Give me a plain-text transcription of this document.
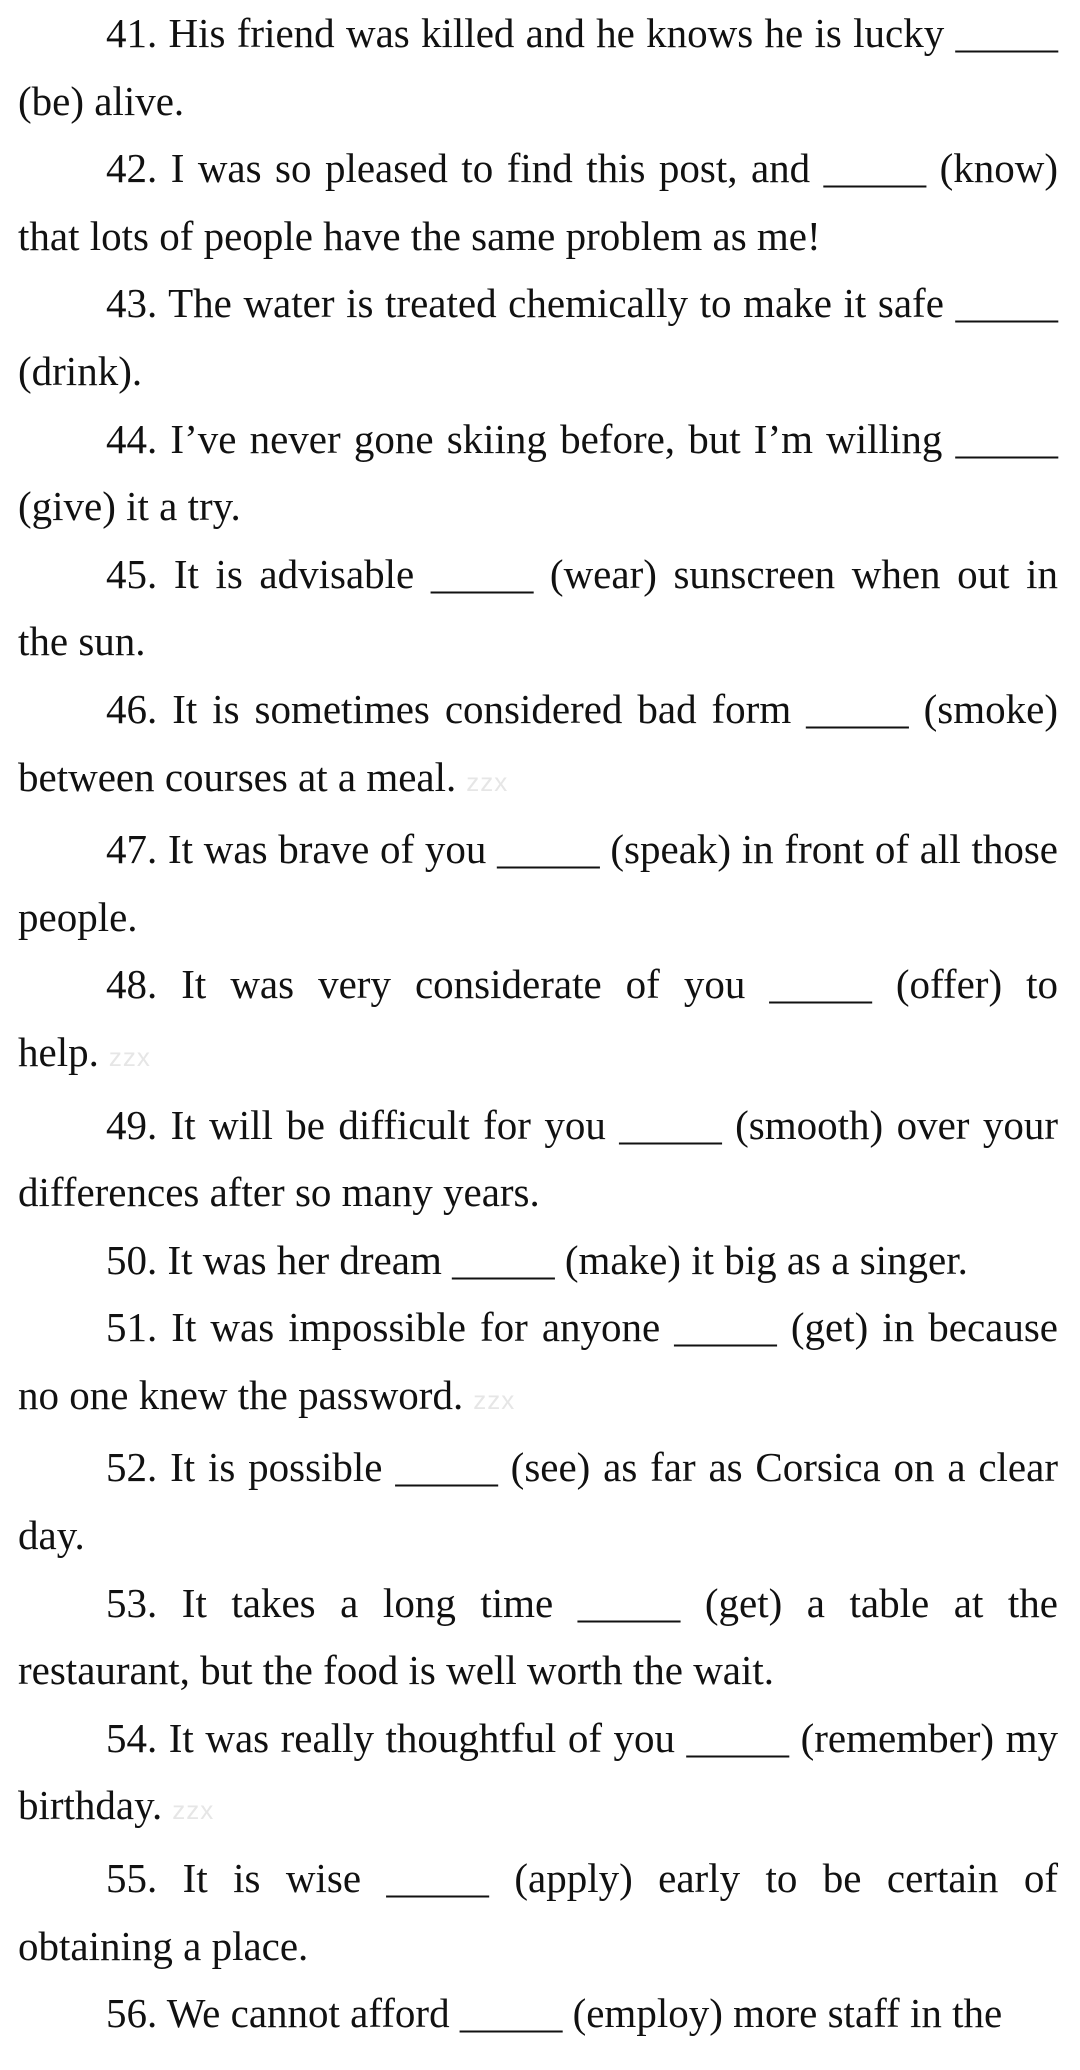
41. His friend was killed and he knows he is lucky _____ (be) alive.

42. I was so pleased to find this post, and _____ (know) that lots of people have the same problem as me!

43. The water is treated chemically to make it safe _____ (drink).

44. I’ve never gone skiing before, but I’m willing _____ (give) it a try.

45. It is advisable _____ (wear) sunscreen when out in the sun.

46. It is sometimes considered bad form _____ (smoke) between courses at a meal. zzx

47. It was brave of you _____ (speak) in front of all those people.

48. It was very considerate of you _____ (offer) to help. zzx

49. It will be difficult for you _____ (smooth) over your differences after so many years.

50. It was her dream _____ (make) it big as a singer.

51. It was impossible for anyone _____ (get) in because no one knew the password. zzx

52. It is possible _____ (see) as far as Corsica on a clear day.

53. It takes a long time _____ (get) a table at the restaurant, but the food is well worth the wait.

54. It was really thoughtful of you _____ (remember) my birthday. zzx

55. It is wise _____ (apply) early to be certain of obtaining a place.

56. We cannot afford _____ (employ) more staff in the
